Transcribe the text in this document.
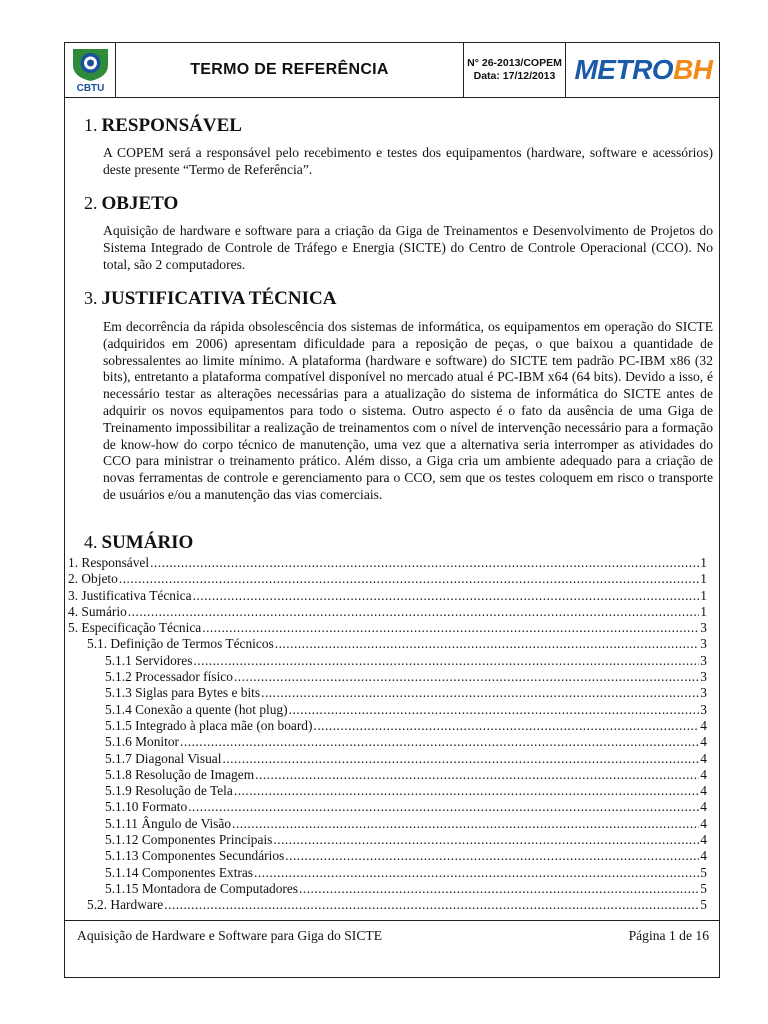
CBTU
TERMO DE REFERÊNCIA	N° 26-2013/COPEM
Data: 17/12/2013 METROBH
1. RESPONSÁVEL

A COPEM será a responsável pelo recebimento e testes dos equipamentos (hardware, software e acessórios) deste presente “Termo de Referência”.

2. OBJETO

Aquisição de hardware e software para a criação da Giga de Treinamentos e Desenvolvimento de Projetos do Sistema Integrado de Controle de Tráfego e Energia (SICTE) do Centro de Controle Operacional (CCO). No total, são 2 computadores.

3. JUSTIFICATIVA TÉCNICA

Em decorrência da rápida obsolescência dos sistemas de informática, os equipamentos em operação do SICTE (adquiridos em 2006) apresentam dificuldade para a reposição de peças, o que baixou a quantidade de sobressalentes ao limite mínimo. A plataforma (hardware e software) do SICTE tem padrão PC-IBM x86 (32 bits), entretanto a plataforma compatível disponível no mercado atual é PC-IBM x64 (64 bits). Devido a isso, é necessário testar as alterações necessárias para a atualização do sistema de informática do SICTE antes de adquirir os novos equipamentos para todo o sistema. Outro aspecto é o fato da ausência de uma Giga de Treinamento impossibilitar a realização de treinamentos com o nível de intervenção necessário para a formação de know-how do corpo técnico de manutenção, uma vez que a alternativa seria interromper as atividades do CCO para ministrar o treinamento prático. Além disso, a Giga cria um ambiente adequado para a criação de novas ferramentas de controle e gerenciamento para o CCO, sem que os testes coloquem em risco o transporte de usuários e/ou a manutenção das vias comerciais.

4. SUMÁRIO
1. Responsável .....	1
2. Objeto .....	1
3. Justificativa Técnica .....	1
4. Sumário .....	1
5. Especificação Técnica .....	3
5.1. Definição de Termos Técnicos .....	3
5.1.1 Servidores .....	3
5.1.2 Processador físico .....	3
5.1.3 Siglas para Bytes e bits .....	3
5.1.4 Conexão a quente (hot plug) .....	3
5.1.5 Integrado à placa mãe (on board) .....	4
5.1.6 Monitor .....	4
5.1.7 Diagonal Visual .....	4
5.1.8 Resolução de Imagem .....	4
5.1.9 Resolução de Tela .....	4
5.1.10 Formato .....	4
5.1.11 Ângulo de Visão .....	4
5.1.12 Componentes Principais .....	4
5.1.13 Componentes Secundários .....	4
5.1.14 Componentes Extras .....	5
5.1.15 Montadora de Computadores .....	5
5.2. Hardware .....	5
Aquisição de Hardware e Software para Giga do SICTE	Página 1 de 16
